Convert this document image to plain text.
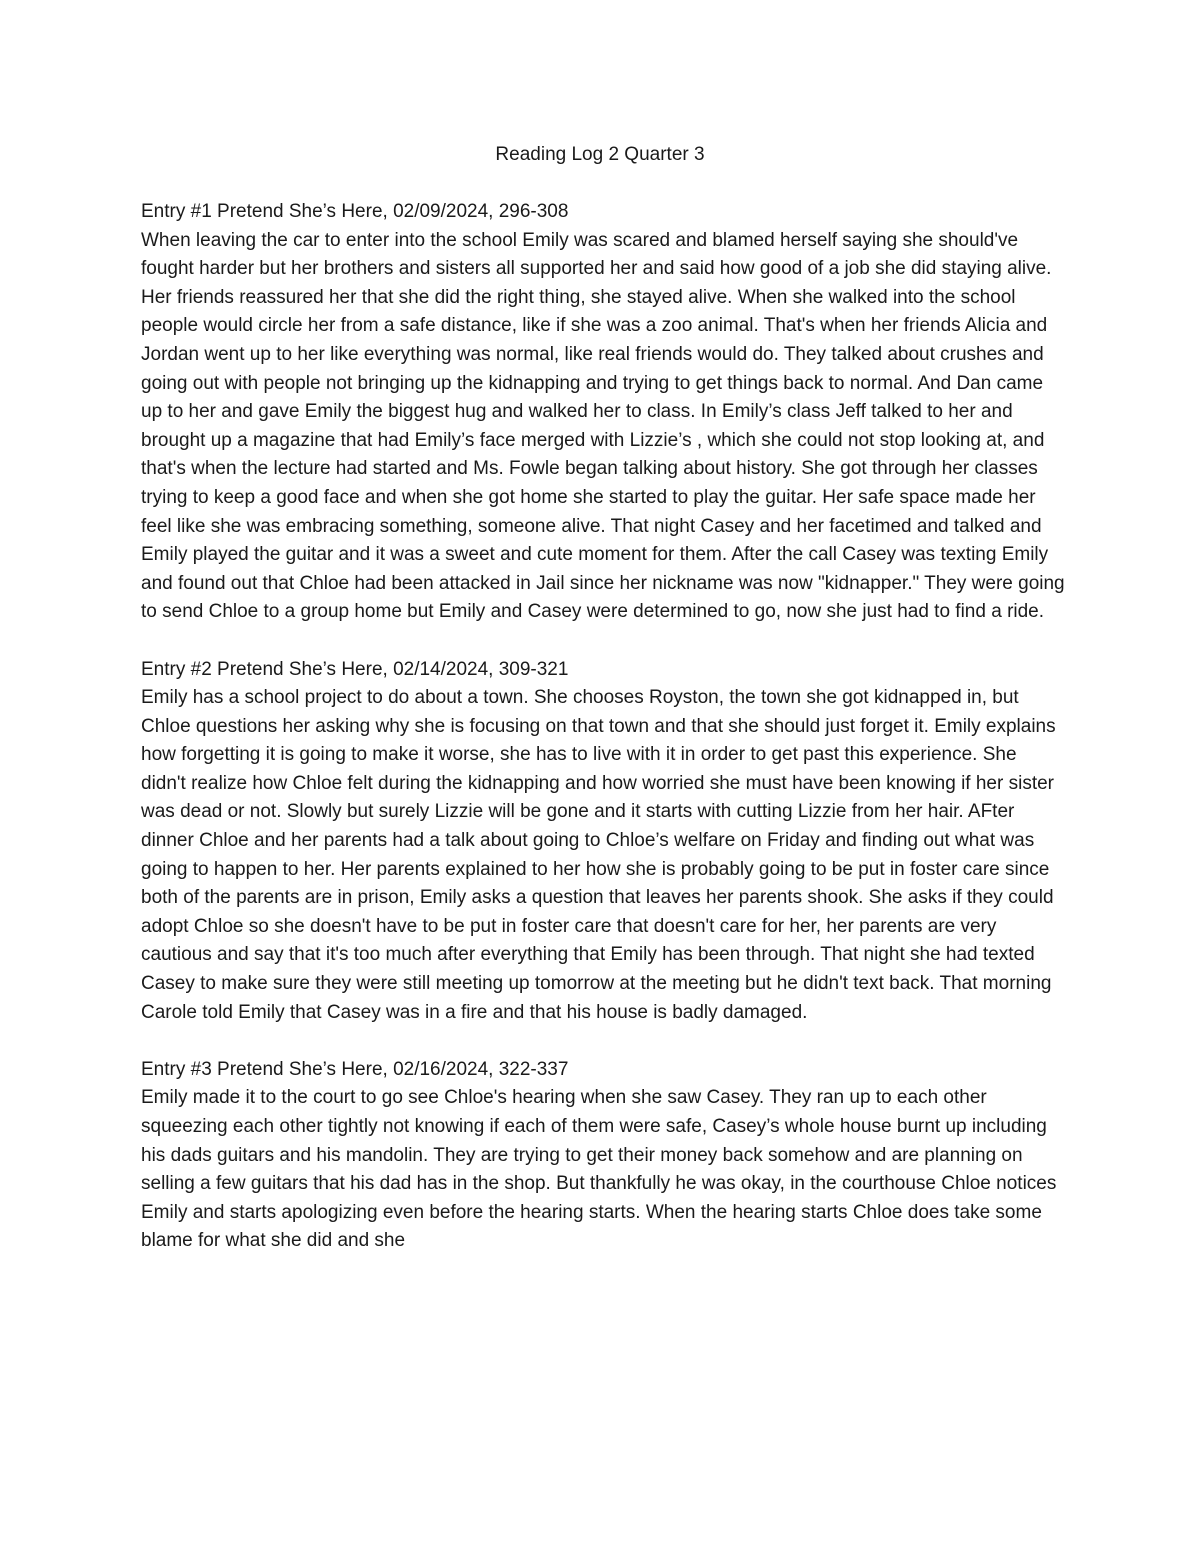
Reading Log 2 Quarter 3

Entry #1 Pretend She’s Here, 02/09/2024, 296-308

When leaving the car to enter into the school Emily was scared and blamed herself saying she should've fought harder but her brothers and sisters all supported her and said how good of a job she did staying alive. Her friends reassured her that she did the right thing, she stayed alive. When she walked into the school people would circle her from a safe distance, like if she was a zoo animal. That's when her friends Alicia and Jordan went up to her like everything was normal, like real friends would do. They talked about crushes and going out with people not bringing up the kidnapping and trying to get things back to normal. And Dan came up to her and gave Emily the biggest hug and walked her to class. In Emily’s class Jeff talked to her and brought up a magazine that had Emily’s face merged with Lizzie’s , which she could not stop looking at, and that's when the lecture had started and Ms. Fowle began talking about history. She got through her classes trying to keep a good face and when she got home she started to play the guitar. Her safe space made her feel like she was embracing something, someone alive. That night Casey and her facetimed and talked and Emily played the guitar and it was a sweet and cute moment for them. After the call Casey was texting Emily and found out that Chloe had been attacked in Jail since her nickname was now "kidnapper." They were going to send Chloe to a group home but Emily and Casey were determined to go, now she just had to find a ride.

Entry #2 Pretend She’s Here, 02/14/2024, 309-321

Emily has a school project to do about a town. She chooses Royston, the town she got kidnapped in, but Chloe questions her asking why she is focusing on that town and that she should just forget it. Emily explains how forgetting it is going to make it worse, she has to live with it in order to get past this experience. She didn't realize how Chloe felt during the kidnapping and how worried she must have been knowing if her sister was dead or not. Slowly but surely Lizzie will be gone and it starts with cutting Lizzie from her hair. AFter dinner Chloe and her parents had a talk about going to Chloe’s welfare on Friday and finding out what was going to happen to her. Her parents explained to her how she is probably going to be put in foster care since both of the parents are in prison, Emily asks a question that leaves her parents shook. She asks if they could adopt Chloe so she doesn't have to be put in foster care that doesn't care for her, her parents are very cautious and say that it's too much after everything that Emily has been through. That night she had texted Casey to make sure they were still meeting up tomorrow at the meeting but he didn't text back. That morning Carole told Emily that Casey was in a fire and that his house is badly damaged.

Entry #3 Pretend She’s Here, 02/16/2024, 322-337

Emily made it to the court to go see Chloe's hearing when she saw Casey. They ran up to each other squeezing each other tightly not knowing if each of them were safe, Casey’s whole house burnt up including his dads guitars and his mandolin. They are trying to get their money back somehow and are planning on selling a few guitars that his dad has in the shop. But thankfully he was okay, in the courthouse Chloe notices Emily and starts apologizing even before the hearing starts. When the hearing starts Chloe does take some blame for what she did and she
